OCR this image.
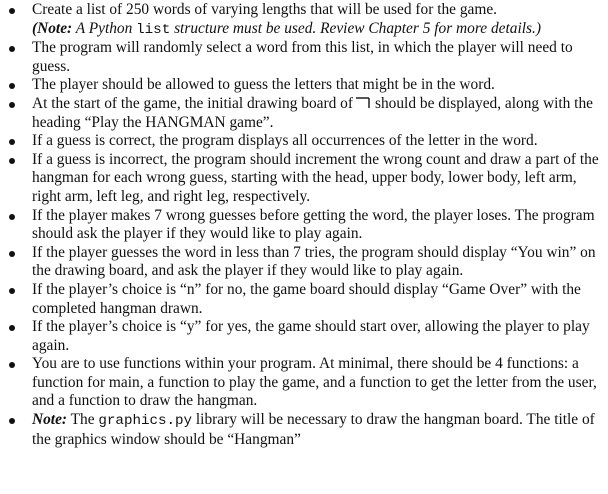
Create a list of 250 words of varying lengths that will be used for the game.
(Note: A Python list structure must be used. Review Chapter 5 for more details.)
The program will randomly select a word from this list, in which the player will need to guess.
The player should be allowed to guess the letters that might be in the word.
At the start of the game, the initial drawing board of should be displayed, along with the heading “Play the HANGMAN game”.
If a guess is correct, the program displays all occurrences of the letter in the word.
If a guess is incorrect, the program should increment the wrong count and draw a part of the hangman for each wrong guess, starting with the head, upper body, lower body, left arm, right arm, left leg, and right leg, respectively.
If the player makes 7 wrong guesses before getting the word, the player loses. The program should ask the player if they would like to play again.
If the player guesses the word in less than 7 tries, the program should display “You win” on the drawing board, and ask the player if they would like to play again.
If the player’s choice is “n” for no, the game board should display “Game Over” with the completed hangman drawn.
If the player’s choice is “y” for yes, the game should start over, allowing the player to play again.
You are to use functions within your program. At minimal, there should be 4 functions: a function for main, a function to play the game, and a function to get the letter from the user, and a function to draw the hangman.
Note: The graphics.py library will be necessary to draw the hangman board. The title of the graphics window should be “Hangman”
